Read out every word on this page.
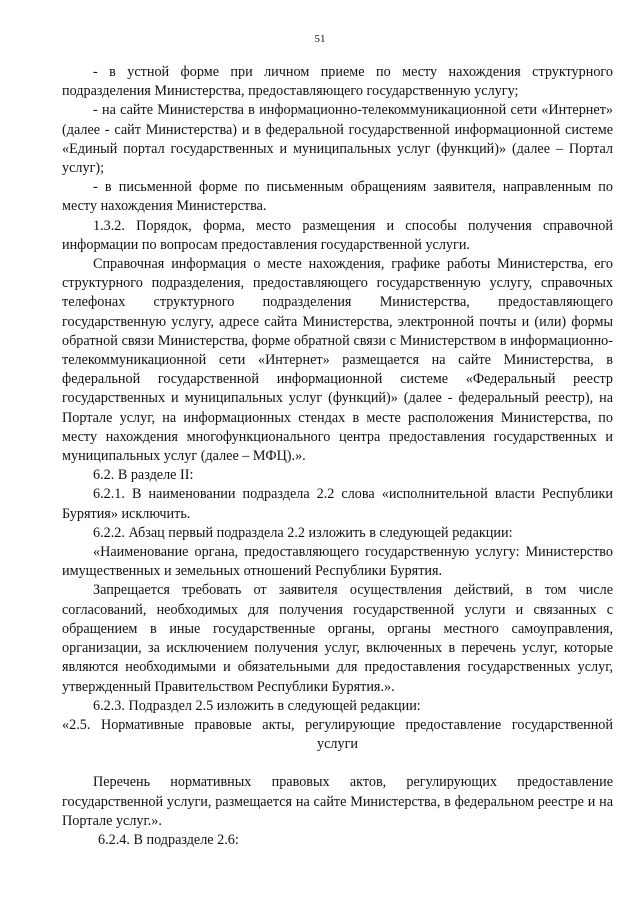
51

- в устной форме при личном приеме по месту нахождения структурного подразделения Министерства, предоставляющего государственную услугу;

- на сайте Министерства в информационно-телекоммуникационной сети «Интернет» (далее - сайт Министерства) и в федеральной государственной информационной системе «Единый портал государственных и муниципальных услуг (функций)» (далее – Портал услуг);

- в письменной форме по письменным обращениям заявителя, направленным по месту нахождения Министерства.

1.3.2. Порядок, форма, место размещения и способы получения справочной информации по вопросам предоставления государственной услуги.

Справочная информация о месте нахождения, графике работы Министерства, его структурного подразделения, предоставляющего государственную услугу, справочных телефонах структурного подразделения Министерства, предоставляющего государственную услугу, адресе сайта Министерства, электронной почты и (или) формы обратной связи Министерства, форме обратной связи с Министерством в информационно- телекоммуникационной сети «Интернет» размещается на сайте Министерства, в федеральной государственной информационной системе «Федеральный реестр государственных и муниципальных услуг (функций)» (далее - федеральный реестр), на Портале услуг, на информационных стендах в месте расположения Министерства, по месту нахождения многофункционального центра предоставления государственных и муниципальных услуг (далее – МФЦ).».

6.2. В разделе II:

6.2.1. В наименовании подраздела 2.2 слова «исполнительной власти Республики Бурятия» исключить.

6.2.2. Абзац первый подраздела 2.2 изложить в следующей редакции:

«Наименование органа, предоставляющего государственную услугу: Министерство имущественных и земельных отношений Республики Бурятия.

Запрещается требовать от заявителя осуществления действий, в том числе согласований, необходимых для получения государственной услуги и связанных с обращением в иные государственные органы, органы местного самоуправления, организации, за исключением получения услуг, включенных в перечень услуг, которые являются необходимыми и обязательными для предоставления государственных услуг, утвержденный Правительством Республики Бурятия.».

6.2.3. Подраздел 2.5 изложить в следующей редакции:

«2.5. Нормативные правовые акты, регулирующие предоставление государственной
услуги

Перечень нормативных правовых актов, регулирующих предоставление государственной услуги, размещается на сайте Министерства, в федеральном реестре и на Портале услуг.».

6.2.4. В подразделе 2.6:
